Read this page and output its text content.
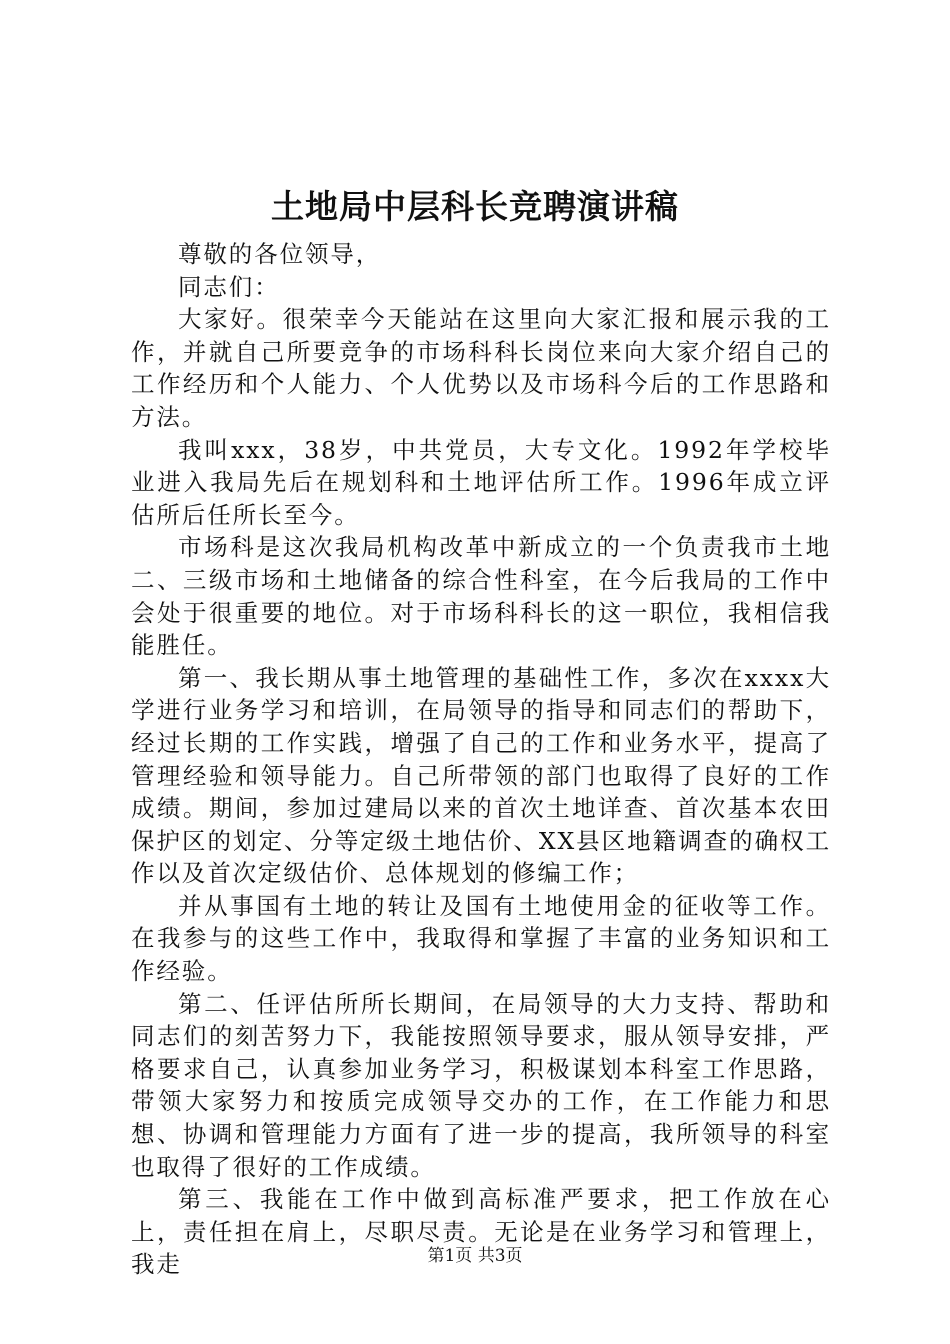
土地局中层科长竞聘演讲稿

尊敬的各位领导，

同志们：

大家好。很荣幸今天能站在这里向大家汇报和展示我的工作，并就自己所要竞争的市场科科长岗位来向大家介绍自己的工作经历和个人能力、个人优势以及市场科今后的工作思路和方法。

我叫xxx，38岁，中共党员，大专文化。1992年学校毕业进入我局先后在规划科和土地评估所工作。1996年成立评估所后任所长至今。

市场科是这次我局机构改革中新成立的一个负责我市土地二、三级市场和土地储备的综合性科室，在今后我局的工作中会处于很重要的地位。对于市场科科长的这一职位，我相信我能胜任。

第一、我长期从事土地管理的基础性工作，多次在xxxx大学进行业务学习和培训，在局领导的指导和同志们的帮助下，经过长期的工作实践，增强了自己的工作和业务水平，提高了管理经验和领导能力。自己所带领的部门也取得了良好的工作成绩。期间，参加过建局以来的首次土地详查、首次基本农田保护区的划定、分等定级土地估价、XX县区地籍调查的确权工作以及首次定级估价、总体规划的修编工作；

并从事国有土地的转让及国有土地使用金的征收等工作。在我参与的这些工作中，我取得和掌握了丰富的业务知识和工作经验。

第二、任评估所所长期间，在局领导的大力支持、帮助和同志们的刻苦努力下，我能按照领导要求，服从领导安排，严格要求自己，认真参加业务学习，积极谋划本科室工作思路，带领大家努力和按质完成领导交办的工作，在工作能力和思想、协调和管理能力方面有了进一步的提高，我所领导的科室也取得了很好的工作成绩。

第三、我能在工作中做到高标准严要求，把工作放在心上，责任担在肩上，尽职尽责。无论是在业务学习和管理上，我走	第1页 共3页
